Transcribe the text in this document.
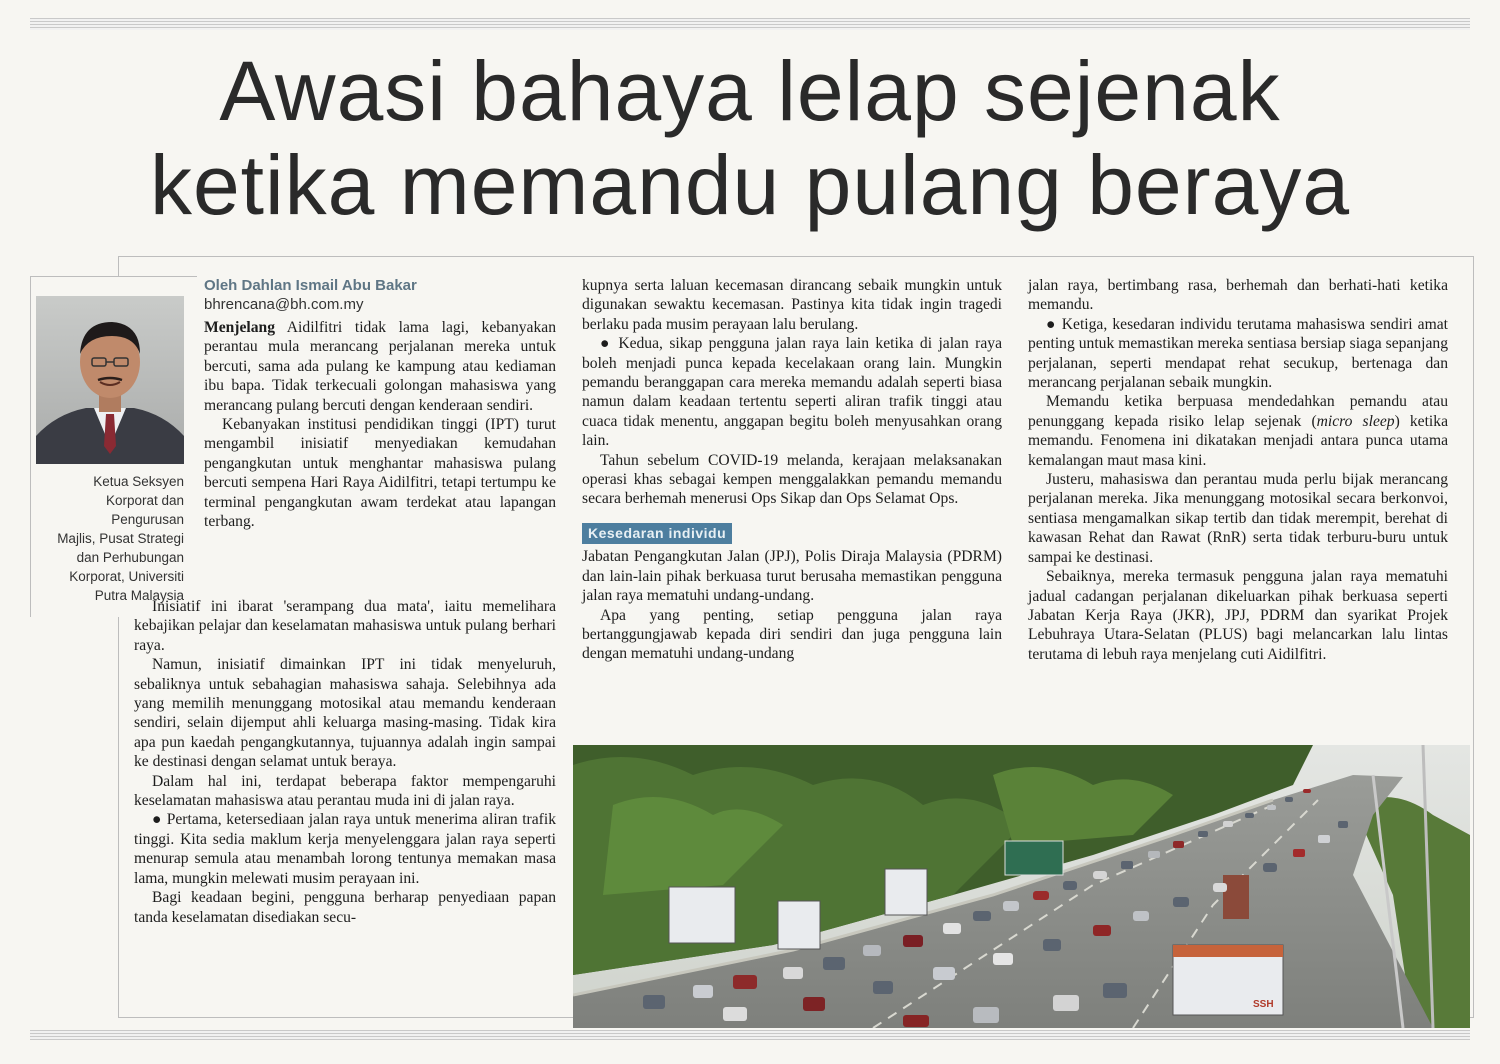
Awasi bahaya lelap sejenak
ketika memandu pulang beraya
Ketua Seksyen
Korporat dan
Pengurusan
Majlis, Pusat Strategi
dan Perhubungan
Korporat, Universiti
Putra Malaysia
Oleh Dahlan Ismail Abu Bakar
bhrencana@bh.com.my

Menjelang Aidilfitri tidak lama lagi, kebanyakan perantau mula merancang perjalanan mereka untuk bercuti, sama ada pulang ke kampung atau kediaman ibu bapa. Tidak terkecuali golongan mahasiswa yang merancang pulang bercuti dengan kenderaan sendiri.

Kebanyakan institusi pendidikan tinggi (IPT) turut mengambil inisiatif menyediakan kemudahan pengangkutan untuk menghantar mahasiswa pulang bercuti sempena Hari Raya Aidilfitri, tetapi tertumpu ke terminal pengangkutan awam terdekat atau lapangan terbang.

Inisiatif ini ibarat 'serampang dua mata', iaitu memelihara kebajikan pelajar dan keselamatan mahasiswa untuk pulang berhari raya.

Namun, inisiatif dimainkan IPT ini tidak menyeluruh, sebaliknya untuk sebahagian mahasiswa sahaja. Selebihnya ada yang memilih menunggang motosikal atau memandu kenderaan sendiri, selain dijemput ahli keluarga masing-masing. Tidak kira apa pun kaedah pengangkutannya, tujuannya adalah ingin sampai ke destinasi dengan selamat untuk beraya.

Dalam hal ini, terdapat beberapa faktor mempengaruhi keselamatan mahasiswa atau perantau muda ini di jalan raya.

● Pertama, ketersediaan jalan raya untuk menerima aliran trafik tinggi. Kita sedia maklum kerja menyelenggara jalan raya seperti menurap semula atau menambah lorong tentunya memakan masa lama, mungkin melewati musim perayaan ini.

Bagi keadaan begini, pengguna berharap penyediaan papan tanda keselamatan disediakan secu-

kupnya serta laluan kecemasan dirancang sebaik mungkin untuk digunakan sewaktu kecemasan. Pastinya kita tidak ingin tragedi berlaku pada musim perayaan lalu berulang.

● Kedua, sikap pengguna jalan raya lain ketika di jalan raya boleh menjadi punca kepada kecelakaan orang lain. Mungkin pemandu beranggapan cara mereka memandu adalah seperti biasa namun dalam keadaan tertentu seperti aliran trafik tinggi atau cuaca tidak menentu, anggapan begitu boleh menyusahkan orang lain.

Tahun sebelum COVID-19 melanda, kerajaan melaksanakan operasi khas sebagai kempen menggalakkan pemandu memandu secara berhemah menerusi Ops Sikap dan Ops Selamat Ops.

Kesedaran individu

Jabatan Pengangkutan Jalan (JPJ), Polis Diraja Malaysia (PDRM) dan lain-lain pihak berkuasa turut berusaha memastikan pengguna jalan raya mematuhi undang-undang.

Apa yang penting, setiap pengguna jalan raya bertanggungjawab kepada diri sendiri dan juga pengguna lain dengan mematuhi undang-undang

jalan raya, bertimbang rasa, berhemah dan berhati-hati ketika memandu.

● Ketiga, kesedaran individu terutama mahasiswa sendiri amat penting untuk memastikan mereka sentiasa bersiap siaga sepanjang perjalanan, seperti mendapat rehat secukup, bertenaga dan merancang perjalanan sebaik mungkin.

Memandu ketika berpuasa mendedahkan pemandu atau penunggang kepada risiko lelap sejenak (micro sleep) ketika memandu. Fenomena ini dikatakan menjadi antara punca utama kemalangan maut masa kini.

Justeru, mahasiswa dan perantau muda perlu bijak merancang perjalanan mereka. Jika menunggang motosikal secara berkonvoi, sentiasa mengamalkan sikap tertib dan tidak merempit, berehat di kawasan Rehat dan Rawat (RnR) serta tidak terburu-buru untuk sampai ke destinasi.

Sebaiknya, mereka termasuk pengguna jalan raya mematuhi jadual cadangan perjalanan dikeluarkan pihak berkuasa seperti Jabatan Kerja Raya (JKR), JPJ, PDRM dan syarikat Projek Lebuhraya Utara-Selatan (PLUS) bagi melancarkan lalu lintas terutama di lebuh raya menjelang cuti Aidilfitri.

SSH
